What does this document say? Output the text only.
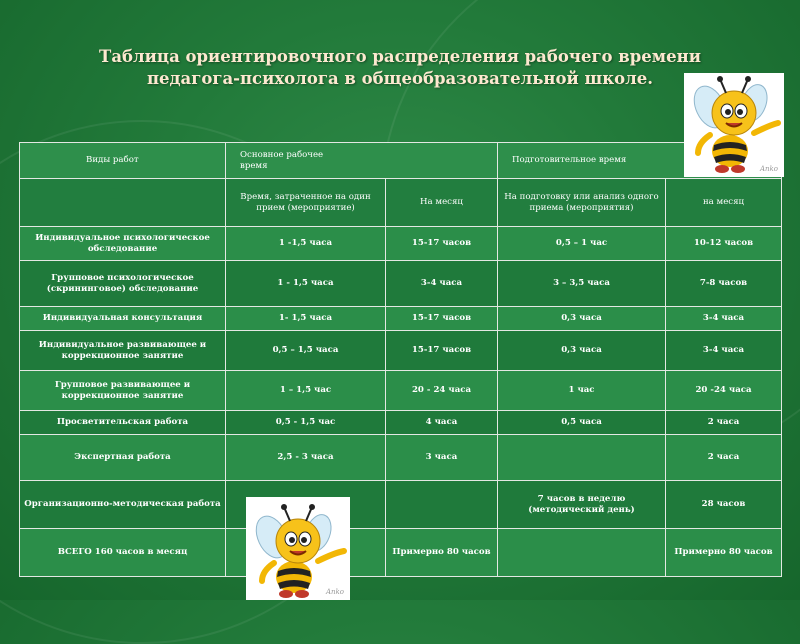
Таблица ориентировочного распределения рабочего времени
педагога-психолога в общеобразовательной школе.
Виды работ	Основное рабочее время		Подготовительное время	
	Время, затраченное на один прием (мероприятие)	На месяц	На подготовку или анализ одного приема (мероприятия)	на месяц
Индивидуальное психологическое обследование	1 -1,5 часа	15-17 часов	0,5 – 1 час	10-12 часов
Групповое психологическое (скрининговое) обследование	1 - 1,5 часа	3-4 часа	3 – 3,5 часа	7-8 часов
Индивидуальная консультация	1- 1,5 часа	15-17 часов	0,3 часа	3-4 часа
Индивидуальное развивающее и коррекционное занятие	0,5 – 1,5 часа	15-17 часов	0,3 часа	3-4 часа
Групповое развивающее и коррекционное занятие	1 – 1,5 час	20 - 24 часа	1 час	20 -24 часа
Просветительская работа	0,5 - 1,5 час	4 часа	0,5 часа	2 часа
Экспертная работа	2,5 - 3 часа	3 часа		2 часа
Организационно-методическая работа			7 часов в неделю (методический день)	28 часов
ВСЕГО 160 часов в месяц		Примерно 80 часов		Примерно 80 часов
Anko
Anko
